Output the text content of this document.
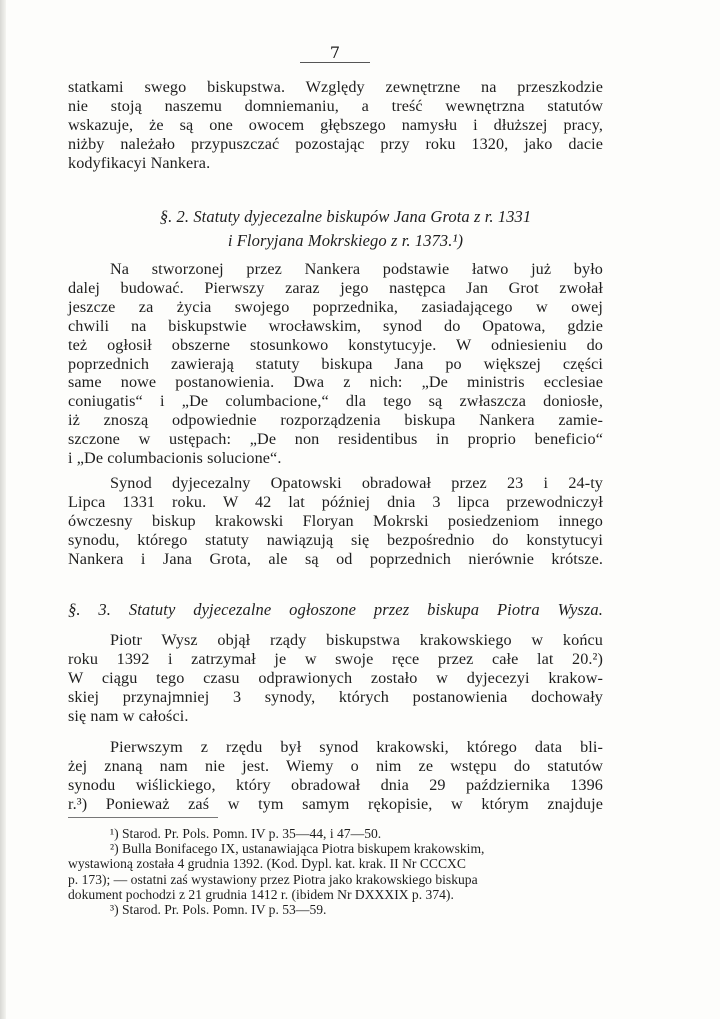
7
statkami swego biskupstwa. Względy zewnętrzne na przeszkodzie
nie stoją naszemu domniemaniu, a treść wewnętrzna statutów
wskazuje, że są one owocem głębszego namysłu i dłuższej pracy,
niżby należało przypuszczać pozostając przy roku 1320, jako dacie
kodyfikacyi Nankera.
§. 2. Statuty dyjecezalne biskupów Jana Grota z r. 1331
i Floryjana Mokrskiego z r. 1373.¹)
Na stworzonej przez Nankera podstawie łatwo już było
dalej budować. Pierwszy zaraz jego następca Jan Grot zwołał
jeszcze za życia swojego poprzednika, zasiadającego w owej
chwili na biskupstwie wrocławskim, synod do Opatowa, gdzie
też ogłosił obszerne stosunkowo konstytucyje. W odniesieniu do
poprzednich zawierają statuty biskupa Jana po większej części
same nowe postanowienia. Dwa z nich: „De ministris ecclesiae
coniugatis“ i „De columbacione,“ dla tego są zwłaszcza doniosłe,
iż znoszą odpowiednie rozporządzenia biskupa Nankera zamie-
szczone w ustępach: „De non residentibus in proprio beneficio“
i „De columbacionis solucione“.
Synod dyjecezalny Opatowski obradował przez 23 i 24-ty
Lipca 1331 roku. W 42 lat później dnia 3 lipca przewodniczył
ówczesny biskup krakowski Floryan Mokrski posiedzeniom innego
synodu, którego statuty nawiązują się bezpośrednio do konstytucyi
Nankera i Jana Grota, ale są od poprzednich nierównie krótsze.
§. 3. Statuty dyjecezalne ogłoszone przez biskupa Piotra Wysza.
Piotr Wysz objął rządy biskupstwa krakowskiego w końcu
roku 1392 i zatrzymał je w swoje ręce przez całe lat 20.²)
W ciągu tego czasu odprawionych zostało w dyjecezyi krakow-
skiej przynajmniej 3 synody, których postanowienia dochowały
się nam w całości.
Pierwszym z rzędu był synod krakowski, którego data bli-
żej znaną nam nie jest. Wiemy o nim ze wstępu do statutów
synodu wiślickiego, który obradował dnia 29 października 1396
r.³) Ponieważ zaś w tym samym rękopisie, w którym znajduje
¹) Starod. Pr. Pols. Pomn. IV p. 35—44, i 47—50.
²) Bulla Bonifacego IX, ustanawiająca Piotra biskupem krakowskim,
wystawioną została 4 grudnia 1392. (Kod. Dypl. kat. krak. II Nr CCCXC
p. 173); — ostatni zaś wystawiony przez Piotra jako krakowskiego biskupa
dokument pochodzi z 21 grudnia 1412 r. (ibidem Nr DXXXIX p. 374).
³) Starod. Pr. Pols. Pomn. IV p. 53—59.
